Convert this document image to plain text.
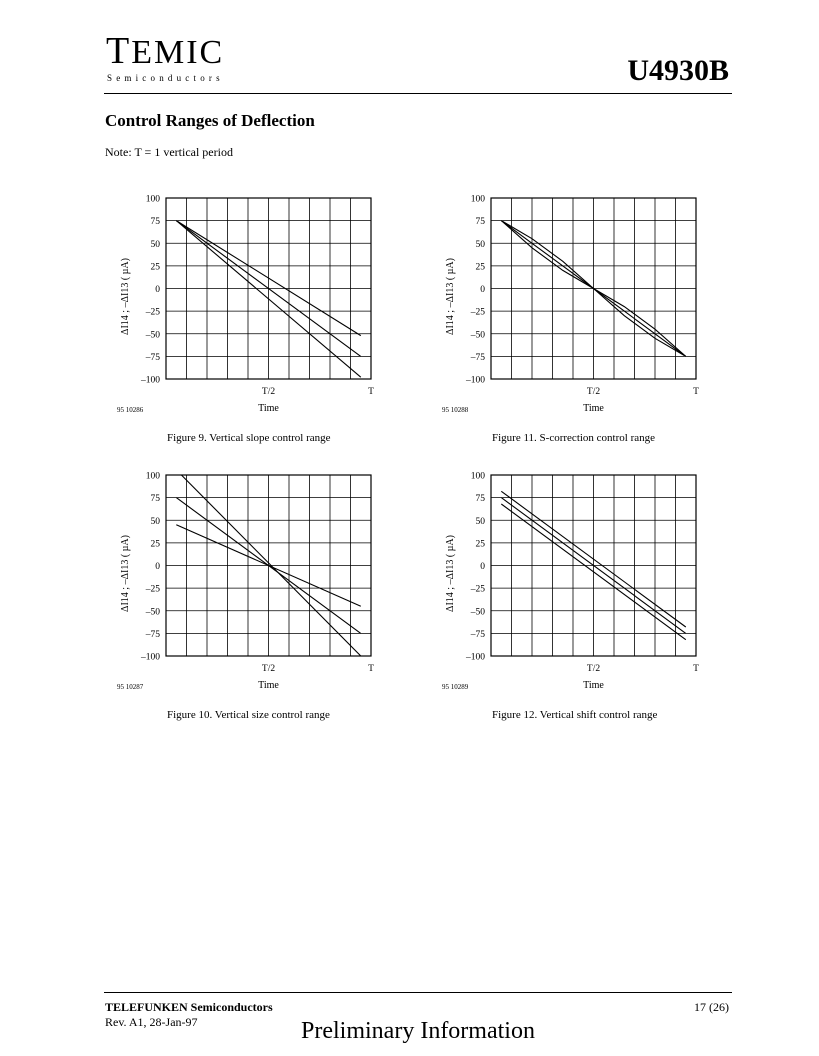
TEMIC
Semiconductors	U4930B
Control Ranges of Deflection
Note: T = 1 vertical period
100
75
50
25
0
–25
–50
–75
–100
T/2	T
Time
ΔI14 ; –ΔI13 ( µA)
95 10286
Figure 9. Vertical slope control range
100
75
50
25
0
–25
–50
–75
–100
T/2	T
Time
ΔI14 ; –ΔI13 ( µA)
95 10288
Figure 11. S-correction control range
100
75
50
25
0
–25
–50
–75
–100
T/2	T
Time
ΔI14 ; –ΔI13 ( µA)
95 10287
Figure 10. Vertical size control range
100
75
50
25
0
–25
–50
–75
–100
T/2	T
Time
ΔI14 ; –ΔI13 ( µA)
95 10289
Figure 12. Vertical shift control range
TELEFUNKEN Semiconductors
Rev. A1, 28-Jan-97
17 (26)
Preliminary Information
